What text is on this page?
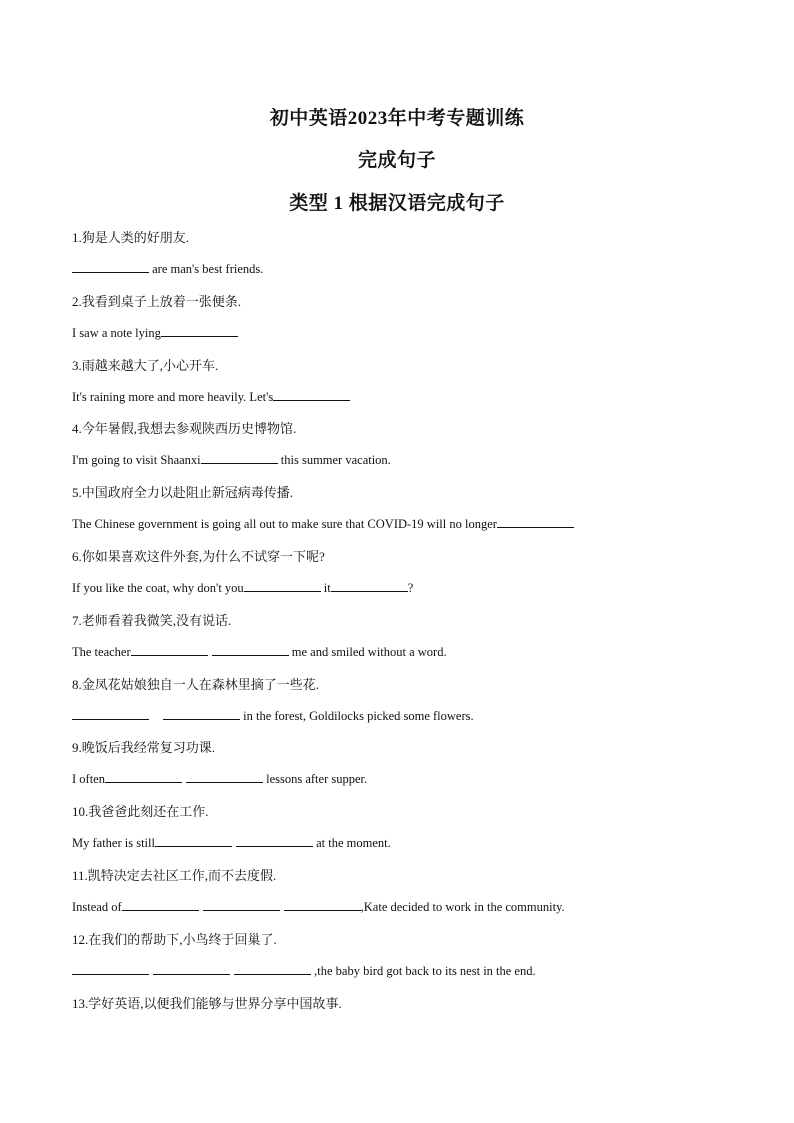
初中英语2023年中考专题训练
完成句子
类型 1 根据汉语完成句子
1.狗是人类的好朋友.
are man's best friends.
2.我看到桌子上放着一张便条.
I saw a note lying
3.雨越来越大了,小心开车.
It's raining more and more heavily. Let's
4.今年暑假,我想去参观陕西历史博物馆.
I'm going to visit Shaanxi	this summer vacation.
5.中国政府全力以赴阻止新冠病毒传播.
The Chinese government is going all out to make sure that COVID-19 will no longer
6.你如果喜欢这件外套,为什么不试穿一下呢?
If you like the coat, why don't you	it	?
7.老师看着我微笑,没有说话.
The teacher	me and smiled without a word.
8.金凤花姑娘独自一人在森林里摘了一些花.
in the forest, Goldilocks picked some flowers.
9.晚饭后我经常复习功课.
I often	lessons after supper.
10.我爸爸此刻还在工作.
My father is still	at the moment.
11.凯特决定去社区工作,而不去度假.
Instead of	,Kate decided to work in the community.
12.在我们的帮助下,小鸟终于回巢了.
,the baby bird got back to its nest in the end.
13.学好英语,以便我们能够与世界分享中国故事.
